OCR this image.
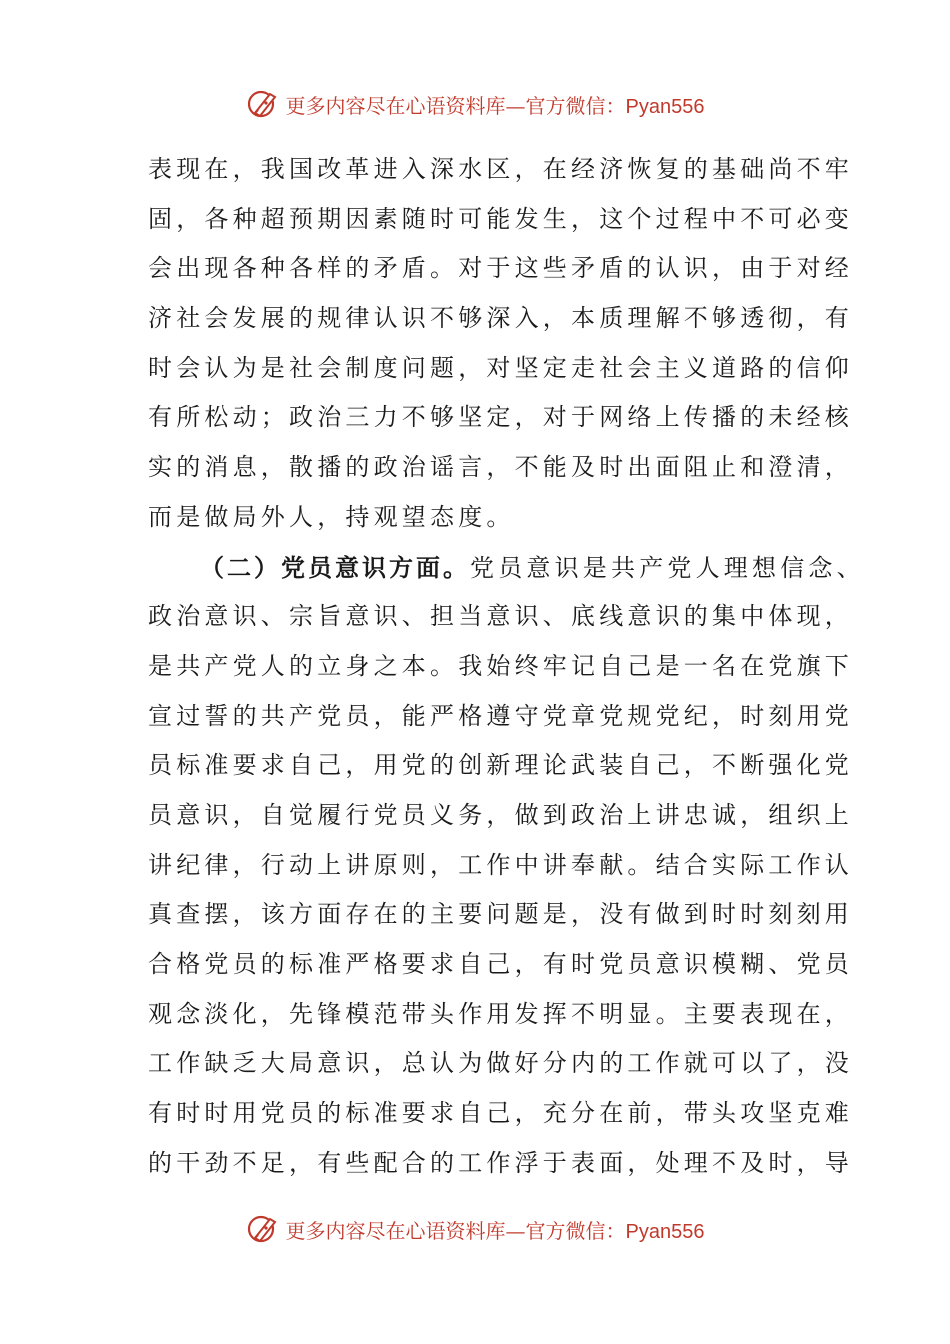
更多内容尽在心语资料库—官方微信：Pyan556
表现在，我国改革进入深水区，在经济恢复的基础尚不牢
固，各种超预期因素随时可能发生，这个过程中不可必变
会出现各种各样的矛盾。对于这些矛盾的认识，由于对经
济社会发展的规律认识不够深入，本质理解不够透彻，有
时会认为是社会制度问题，对坚定走社会主义道路的信仰
有所松动；政治三力不够坚定，对于网络上传播的未经核
实的消息，散播的政治谣言，不能及时出面阻止和澄清，
而是做局外人，持观望态度。
（二）党员意识方面。党员意识是共产党人理想信念、
政治意识、宗旨意识、担当意识、底线意识的集中体现，
是共产党人的立身之本。我始终牢记自己是一名在党旗下
宣过誓的共产党员，能严格遵守党章党规党纪，时刻用党
员标准要求自己，用党的创新理论武装自己，不断强化党
员意识，自觉履行党员义务，做到政治上讲忠诚，组织上
讲纪律，行动上讲原则，工作中讲奉献。结合实际工作认
真查摆，该方面存在的主要问题是，没有做到时时刻刻用
合格党员的标准严格要求自己，有时党员意识模糊、党员
观念淡化，先锋模范带头作用发挥不明显。主要表现在，
工作缺乏大局意识，总认为做好分内的工作就可以了，没
有时时用党员的标准要求自己，充分在前，带头攻坚克难
的干劲不足，有些配合的工作浮于表面，处理不及时，导
更多内容尽在心语资料库—官方微信：Pyan556
